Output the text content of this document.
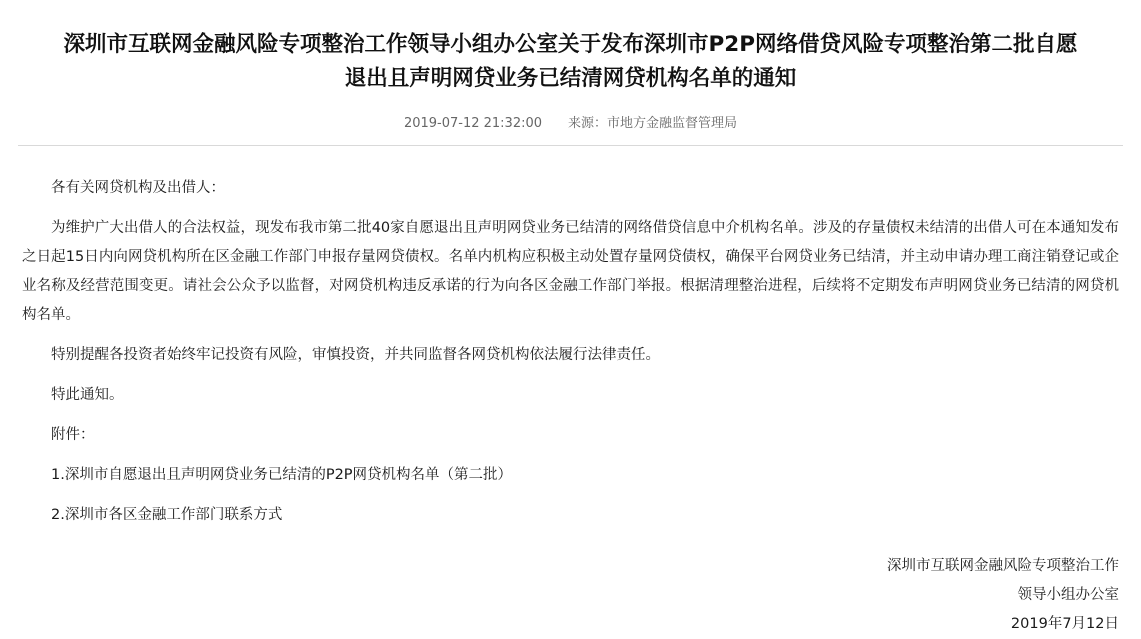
深圳市互联网金融风险专项整治工作领导小组办公室关于发布深圳市P2P网络借贷风险专项整治第二批自愿退出且声明网贷业务已结清网贷机构名单的通知
2019-07-12 21:32:00 来源：市地方金融监督管理局

各有关网贷机构及出借人：

为维护广大出借人的合法权益，现发布我市第二批40家自愿退出且声明网贷业务已结清的网络借贷信息中介机构名单。涉及的存量债权未结清的出借人可在本通知发布之日起15日内向网贷机构所在区金融工作部门申报存量网贷债权。名单内机构应积极主动处置存量网贷债权，确保平台网贷业务已结清，并主动申请办理工商注销登记或企业名称及经营范围变更。请社会公众予以监督，对网贷机构违反承诺的行为向各区金融工作部门举报。根据清理整治进程，后续将不定期发布声明网贷业务已结清的网贷机构名单。

特别提醒各投资者始终牢记投资有风险，审慎投资，并共同监督各网贷机构依法履行法律责任。

特此通知。

附件：

1.深圳市自愿退出且声明网贷业务已结清的P2P网贷机构名单（第二批）

2.深圳市各区金融工作部门联系方式

深圳市互联网金融风险专项整治工作
领导小组办公室
2019年7月12日
